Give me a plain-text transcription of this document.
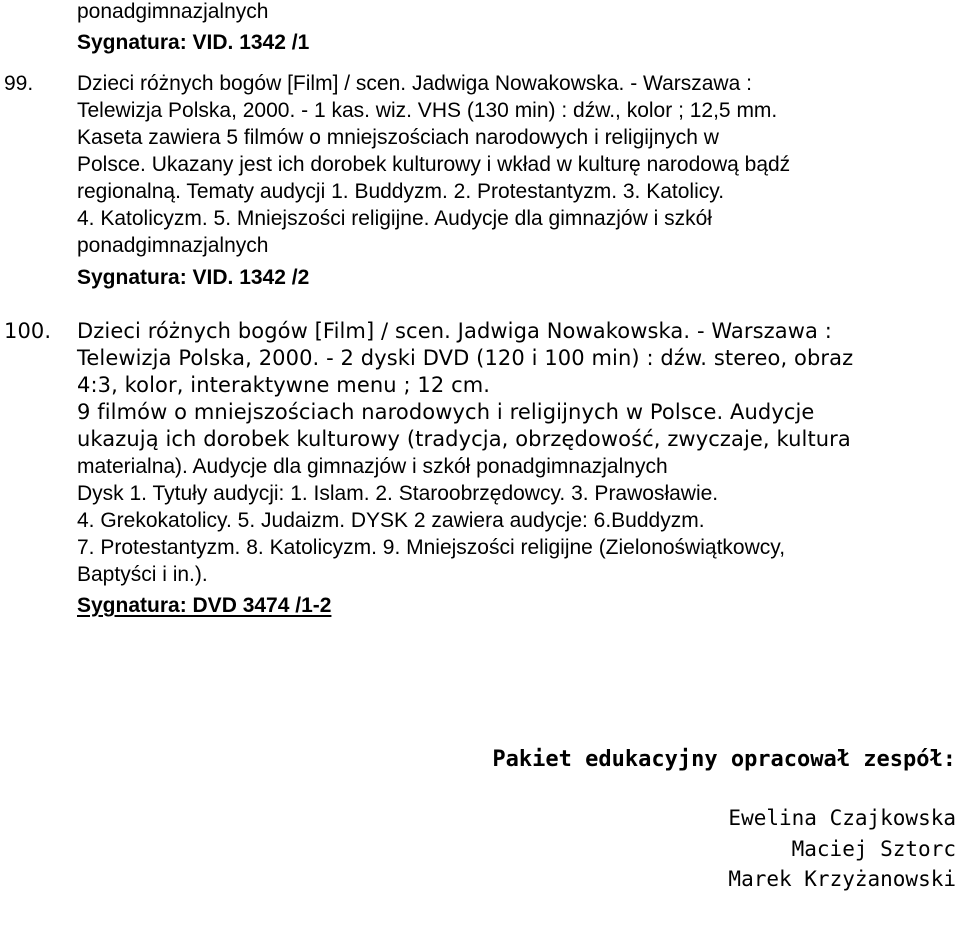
ponadgimnazjalnych
Sygnatura: VID. 1342 /1
99. Dzieci różnych bogów [Film] / scen. Jadwiga Nowakowska. - Warszawa :
Telewizja Polska, 2000. - 1 kas. wiz. VHS (130 min) : dźw., kolor ; 12,5 mm.
Kaseta zawiera 5 filmów o mniejszościach narodowych i religijnych w
Polsce. Ukazany jest ich dorobek kulturowy i wkład w kulturę narodową bądź
regionalną. Tematy audycji 1. Buddyzm. 2. Protestantyzm. 3. Katolicy.
4. Katolicyzm. 5. Mniejszości religijne. Audycje dla gimnazjów i szkół
ponadgimnazjalnych
Sygnatura: VID. 1342 /2
100. Dzieci różnych bogów [Film] / scen. Jadwiga Nowakowska. - Warszawa :
Telewizja Polska, 2000. - 2 dyski DVD (120 i 100 min) : dźw. stereo, obraz
4:3, kolor, interaktywne menu ; 12 cm.
9 filmów o mniejszościach narodowych i religijnych w Polsce. Audycje
ukazują ich dorobek kulturowy (tradycja, obrzędowość, zwyczaje, kultura
materialna). Audycje dla gimnazjów i szkół ponadgimnazjalnych
Dysk 1. Tytuły audycji: 1. Islam. 2. Staroobrzędowcy. 3. Prawosławie.
4. Grekokatolicy. 5. Judaizm. DYSK 2 zawiera audycje: 6.Buddyzm.
7. Protestantyzm. 8. Katolicyzm. 9. Mniejszości religijne (Zielonoświątkowcy,
Baptyści i in.).
Sygnatura: DVD 3474 /1-2
Pakiet edukacyjny opracował zespół:
Ewelina Czajkowska
Maciej Sztorc
Marek Krzyżanowski
